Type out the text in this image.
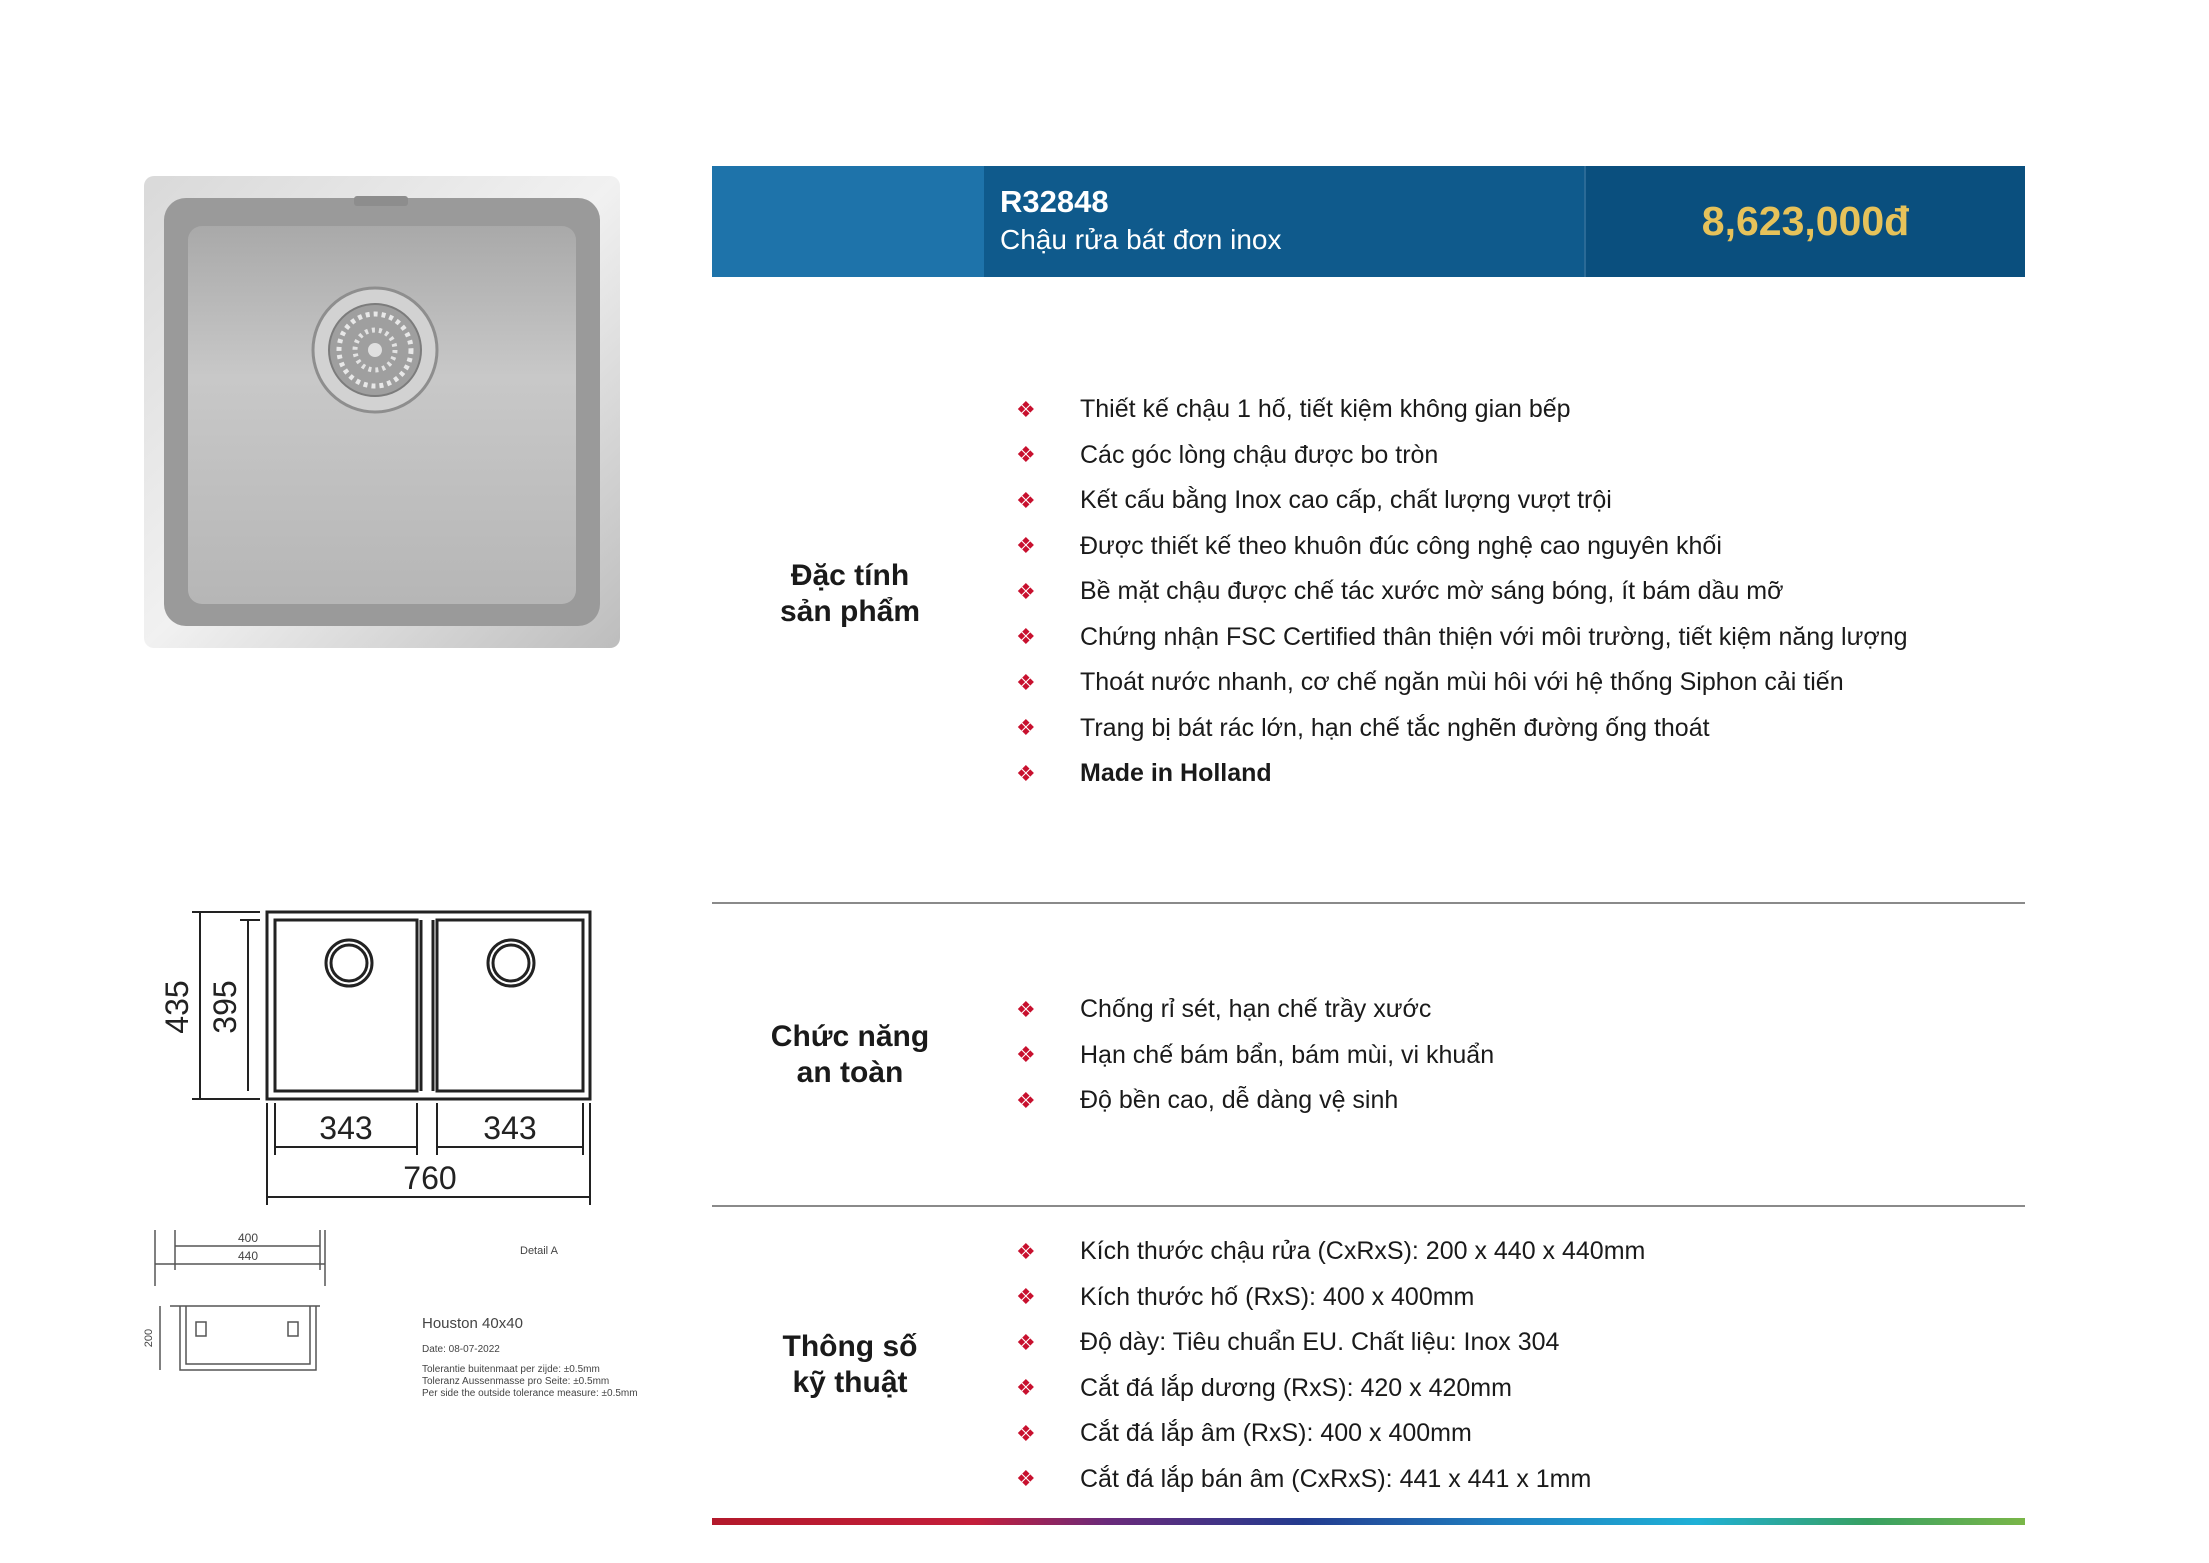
R32848
Chậu rửa bát đơn inox	8,623,000đ
Đặc tính
sản phẩm
❖	Thiết kế chậu 1 hố, tiết kiệm không gian bếp
❖	Các góc lòng chậu được bo tròn
❖	Kết cấu bằng Inox cao cấp, chất lượng vượt trội
❖	Được thiết kế theo khuôn đúc công nghệ cao nguyên khối
❖	Bề mặt chậu được chế tác xước mờ sáng bóng, ít bám dầu mỡ
❖	Chứng nhận FSC Certified thân thiện với môi trường, tiết kiệm năng lượng
❖	Thoát nước nhanh, cơ chế ngăn mùi hôi với hệ thống Siphon cải tiến
❖	Trang bị bát rác lớn, hạn chế tắc nghẽn đường ống thoát
❖	Made in Holland
Chức năng
an toàn
❖	Chống rỉ sét, hạn chế trầy xước
❖	Hạn chế bám bẩn, bám mùi, vi khuẩn
❖	Độ bền cao, dễ dàng vệ sinh
Thông số
kỹ thuật
❖	Kích thước chậu rửa (CxRxS): 200 x 440 x 440mm
❖	Kích thước hố (RxS): 400 x 400mm
❖	Độ dày: Tiêu chuẩn EU. Chất liệu: Inox 304
❖	Cắt đá lắp dương (RxS): 420 x 420mm
❖	Cắt đá lắp âm (RxS): 400 x 400mm
❖	Cắt đá lắp bán âm (CxRxS): 441 x 441 x 1mm
435 395
343	343
760
400
440
200
Detail A
Houston 40x40
Date: 08-07-2022
Tolerantie buitenmaat per zijde: ±0.5mm
Toleranz Aussenmasse pro Seite: ±0.5mm
Per side the outside tolerance measure: ±0.5mm
